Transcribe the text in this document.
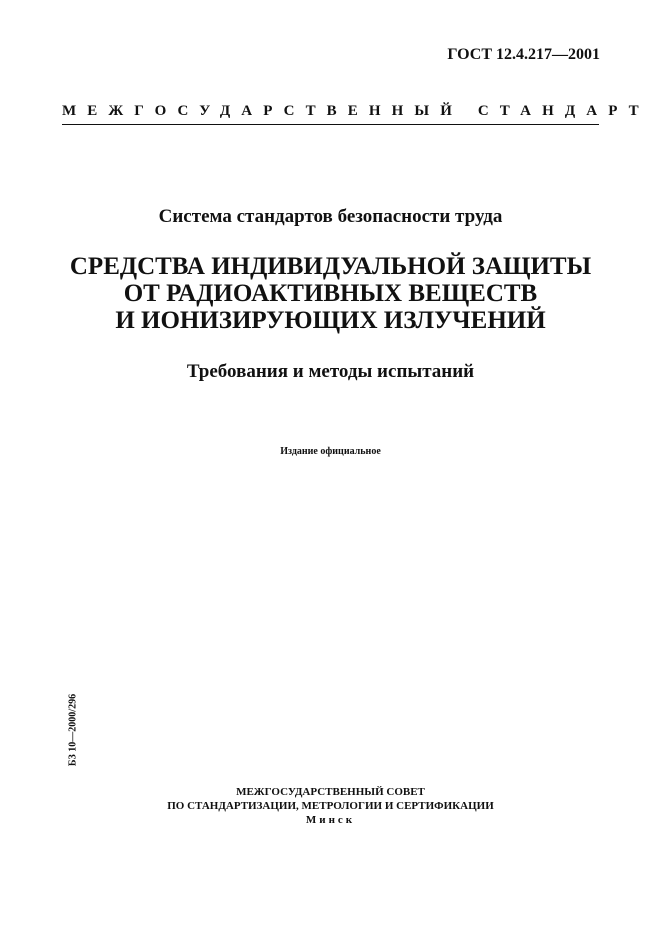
ГОСТ 12.4.217—2001
МЕЖГОСУДАРСТВЕННЫЙ СТАНДАРТ
Система стандартов безопасности труда
СРЕДСТВА ИНДИВИДУАЛЬНОЙ ЗАЩИТЫ
ОТ РАДИОАКТИВНЫХ ВЕЩЕСТВ
И ИОНИЗИРУЮЩИХ ИЗЛУЧЕНИЙ
Требования и методы испытаний
Издание официальное
БЗ 10—2000/296
МЕЖГОСУДАРСТВЕННЫЙ СОВЕТ
ПО СТАНДАРТИЗАЦИИ, МЕТРОЛОГИИ И СЕРТИФИКАЦИИ
Минск
